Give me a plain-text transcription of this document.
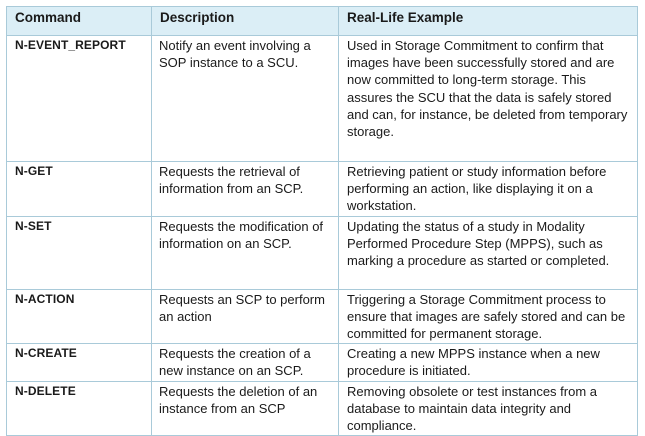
Command	Description	Real-Life Example
N-EVENT_REPORT	Notify an event involving a SOP instance to a SCU.	Used in Storage Commitment to confirm that images have been successfully stored and are now committed to long-term storage. This assures the SCU that the data is safely stored and can, for instance, be deleted from temporary storage.
N-GET	Requests the retrieval of information from an SCP.	Retrieving patient or study information before performing an action, like displaying it on a workstation.
N-SET	Requests the modification of information on an SCP.	Updating the status of a study in Modality Performed Procedure Step (MPPS), such as marking a procedure as started or completed.
N-ACTION	Requests an SCP to perform an action	Triggering a Storage Commitment process to ensure that images are safely stored and can be committed for permanent storage.
N-CREATE	Requests the creation of a new instance on an SCP.	Creating a new MPPS instance when a new procedure is initiated.
N-DELETE	Requests the deletion of an instance from an SCP	Removing obsolete or test instances from a database to maintain data integrity and compliance.
